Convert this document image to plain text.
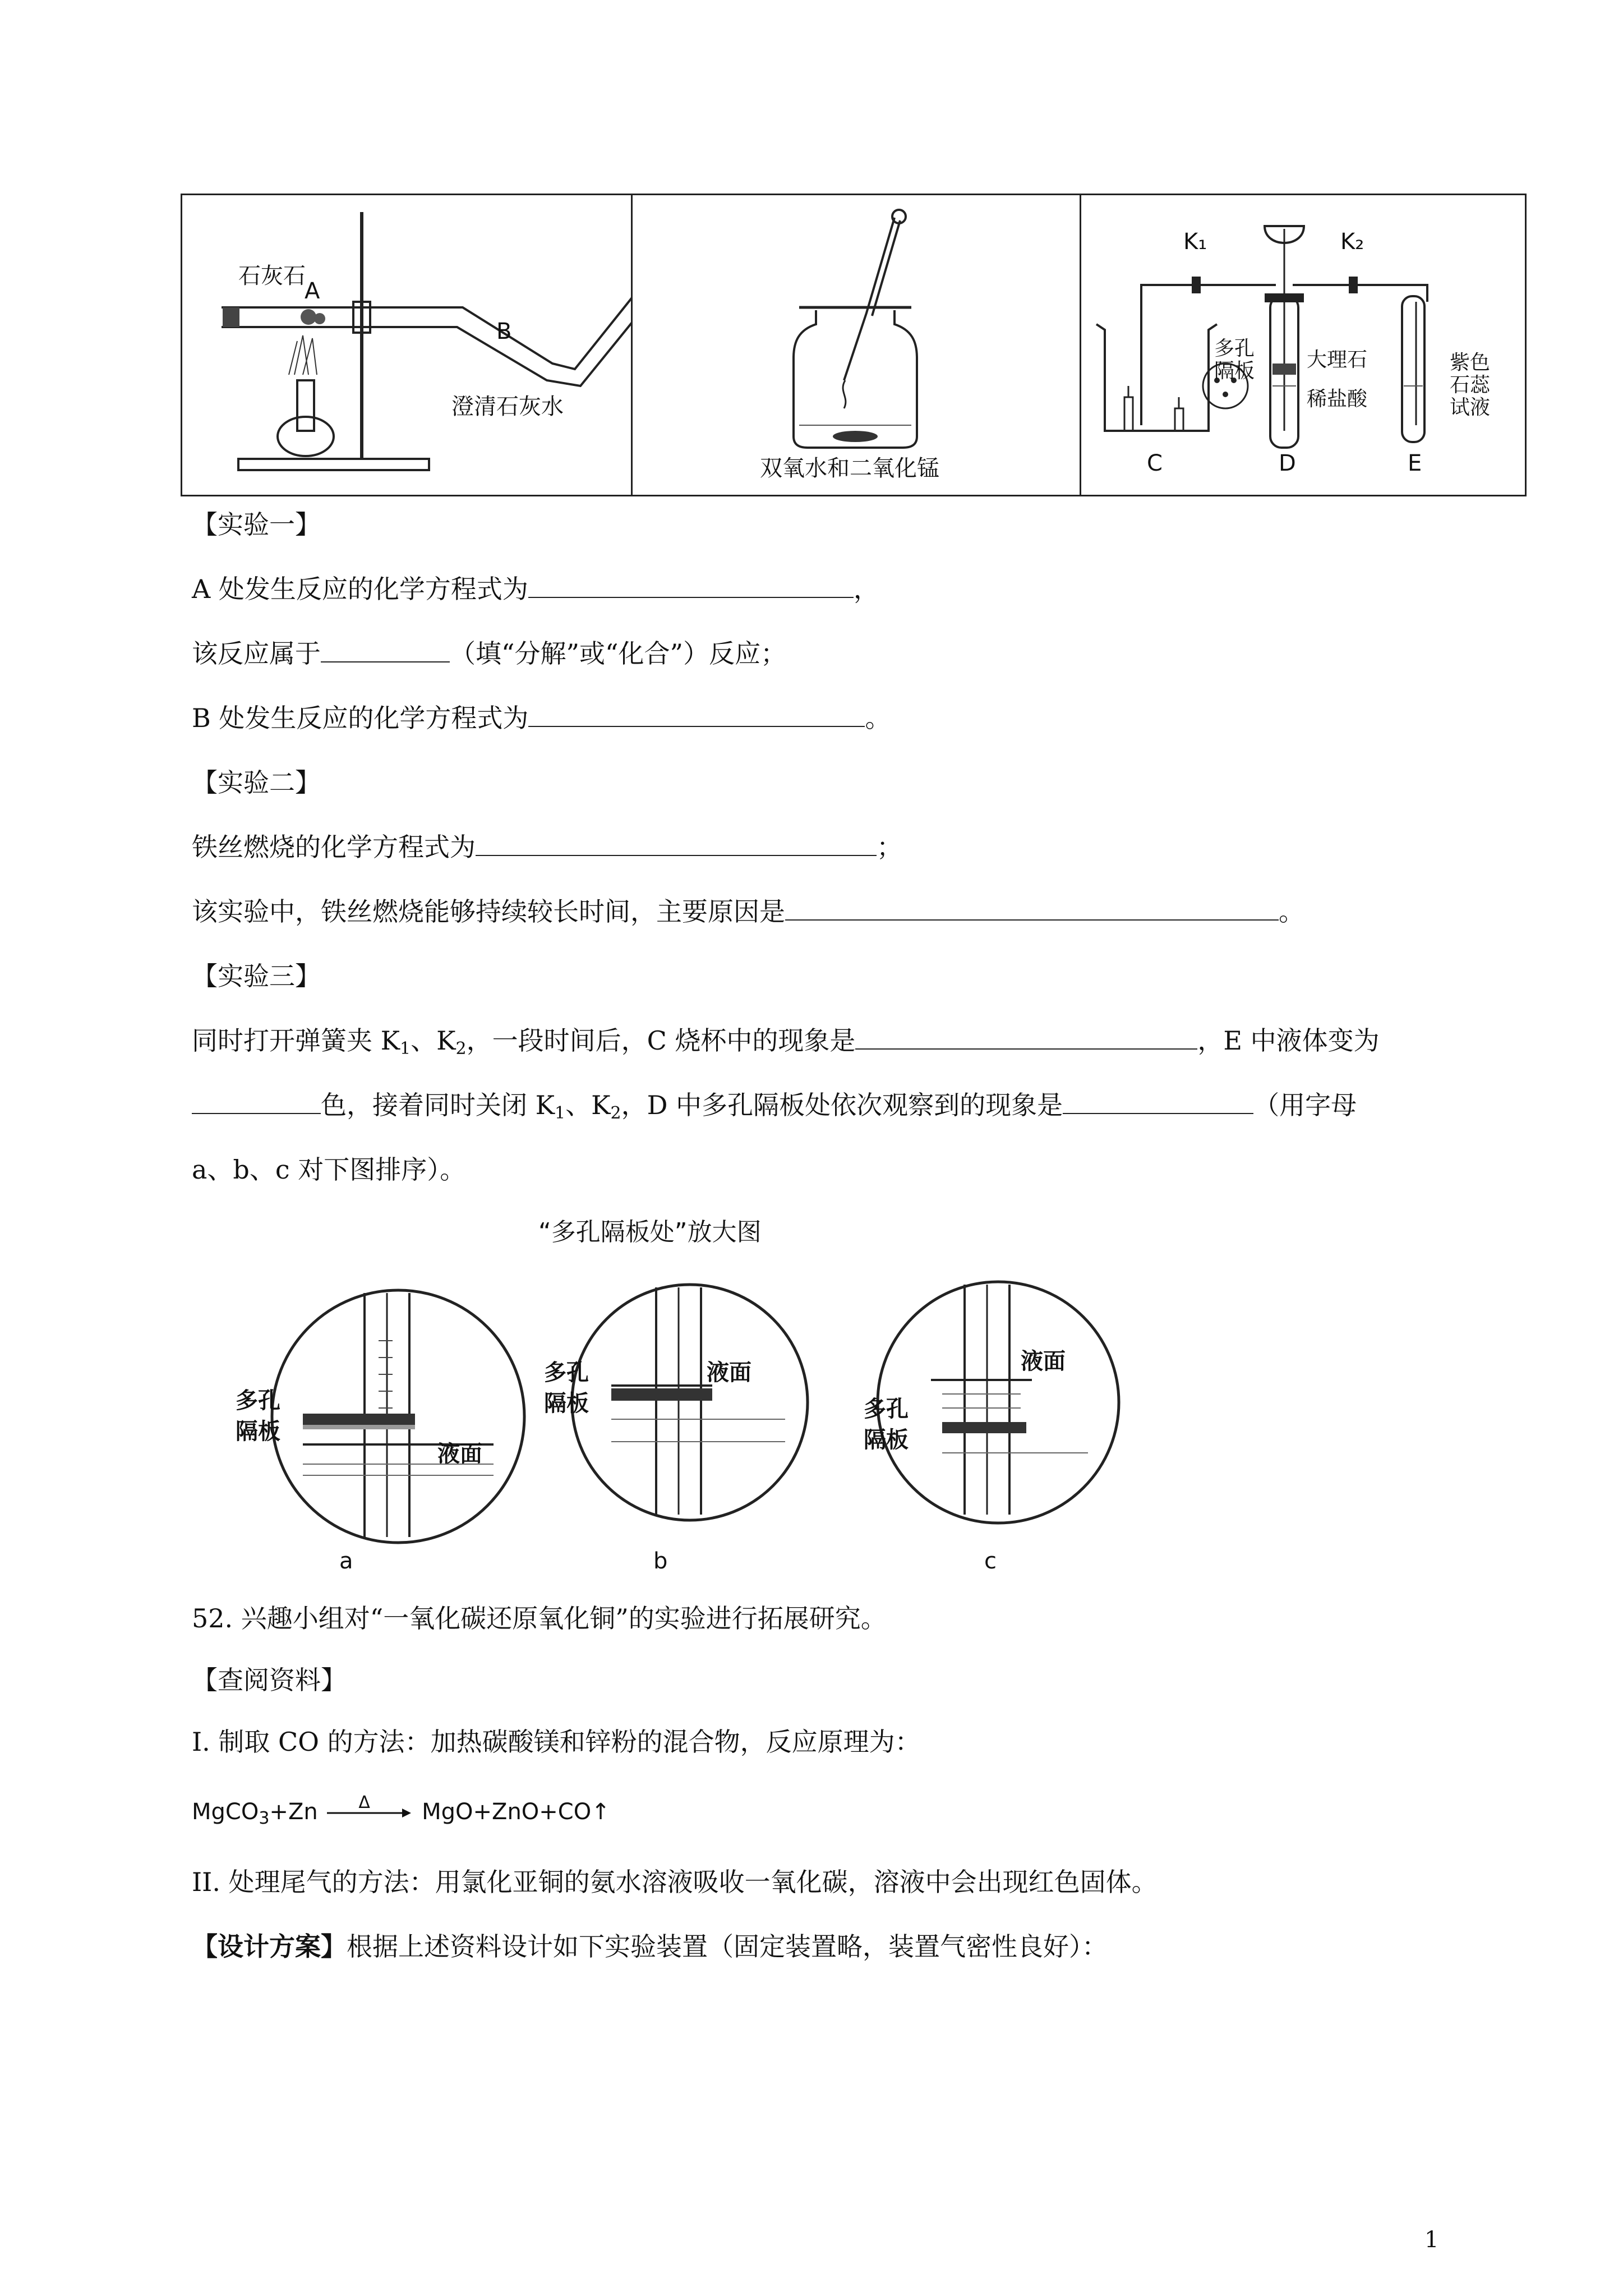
石灰石
A
B
澄清石灰水
双氧水和二氧化锰
K₁	K₂
多孔
隔板	大理石
稀盐酸
紫色
石蕊
试液
C	D	E
【实验一】
A 处发生反应的化学方程式为	，
该反应属于	（填“分解”或“化合”）反应；
B 处发生反应的化学方程式为	。
【实验二】
铁丝燃烧的化学方程式为	；
该实验中，铁丝燃烧能够持续较长时间，主要原因是	。
【实验三】
同时打开弹簧夹 $K_1$、$K_2$，一段时间后，C 烧杯中的现象是	，E 中液体变为
色，接着同时关闭 $K_1$、$K_2$，D 中多孔隔板处依次观察到的现象是	（用字母
a、b、c 对下图排序）。
“多孔隔板处”放大图
多孔
隔板
液面
a
多孔
隔板
液面
b
多孔
隔板
液面
c
52. 兴趣小组对“一氧化碳还原氧化铜”的实验进行拓展研究。
【查阅资料】
I. 制取 CO 的方法：加热碳酸镁和锌粉的混合物，反应原理为：
MgCO$_3$+Zn Δ MgO+ZnO+CO↑
II. 处理尾气的方法：用氯化亚铜的氨水溶液吸收一氧化碳，溶液中会出现红色固体。
【设计方案】根据上述资料设计如下实验装置（固定装置略，装置气密性良好）：
1
